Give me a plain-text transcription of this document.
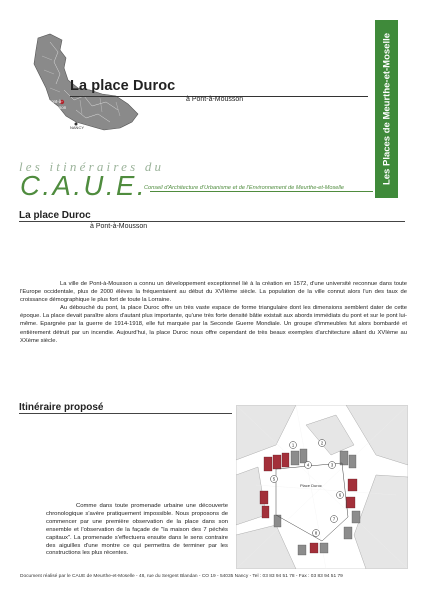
Pont-à-
Mousson
NANCY
La place Duroc
à Pont-à-Mousson
les itinéraires du
C.A.U.E.
Conseil d'Architecture d'Urbanisme et de l'Environnement de Meurthe-et-Moselle
Les Places de Meurthe-et-Moselle
La place Duroc
à Pont-à-Mousson

La ville de Pont-à-Mousson a connu un développement exceptionnel lié à la création en 1572, d'une université reconnue dans toute l'Europe occidentale, plus de 2000 élèves la fréquentaient au début du XVIIème siècle. La population de la ville connut alors l'un des taux de croissance démographique le plus fort de toute la Lorraine.

Au débouché du pont, la place Duroc offre un très vaste espace de forme triangulaire dont les dimensions semblent dater de cette époque. La place devait paraître alors d'autant plus importante, qu'une très forte densité bâtie existait aux abords immédiats du pont et sur le pont lui-même. Epargnée par la guerre de 1914-1918, elle fut marquée par la Seconde Guerre Mondiale. Un groupe d'immeubles fut alors bombardé et entièrement détruit par un incendie. Aujourd'hui, la place Duroc nous offre cependant de très beaux exemples d'architecture allant du XVIème au XXème siècle.

Itinéraire proposé
Comme dans toute promenade urbaine une découverte chronologique s'avère pratiquement impossible. Nous proposons de commencer par une première observation de la place dans son ensemble et l'observation de la façade de "la maison des 7 péchés capitaux". La promenade s'effectuera ensuite dans le sens contraire des aiguilles d'une montre ce qui permettra de terminer par les constructions les plus récentes.
Place Duroc
1	2
3
4
5
6
7
8
Document réalisé par le CAUE de Meurthe-et-Moselle - 48, rue du Sergent Blandan - CO 19 - 54035 Nancy - Tel : 03 83 94 51 78 - Fax : 03 83 94 51 79
